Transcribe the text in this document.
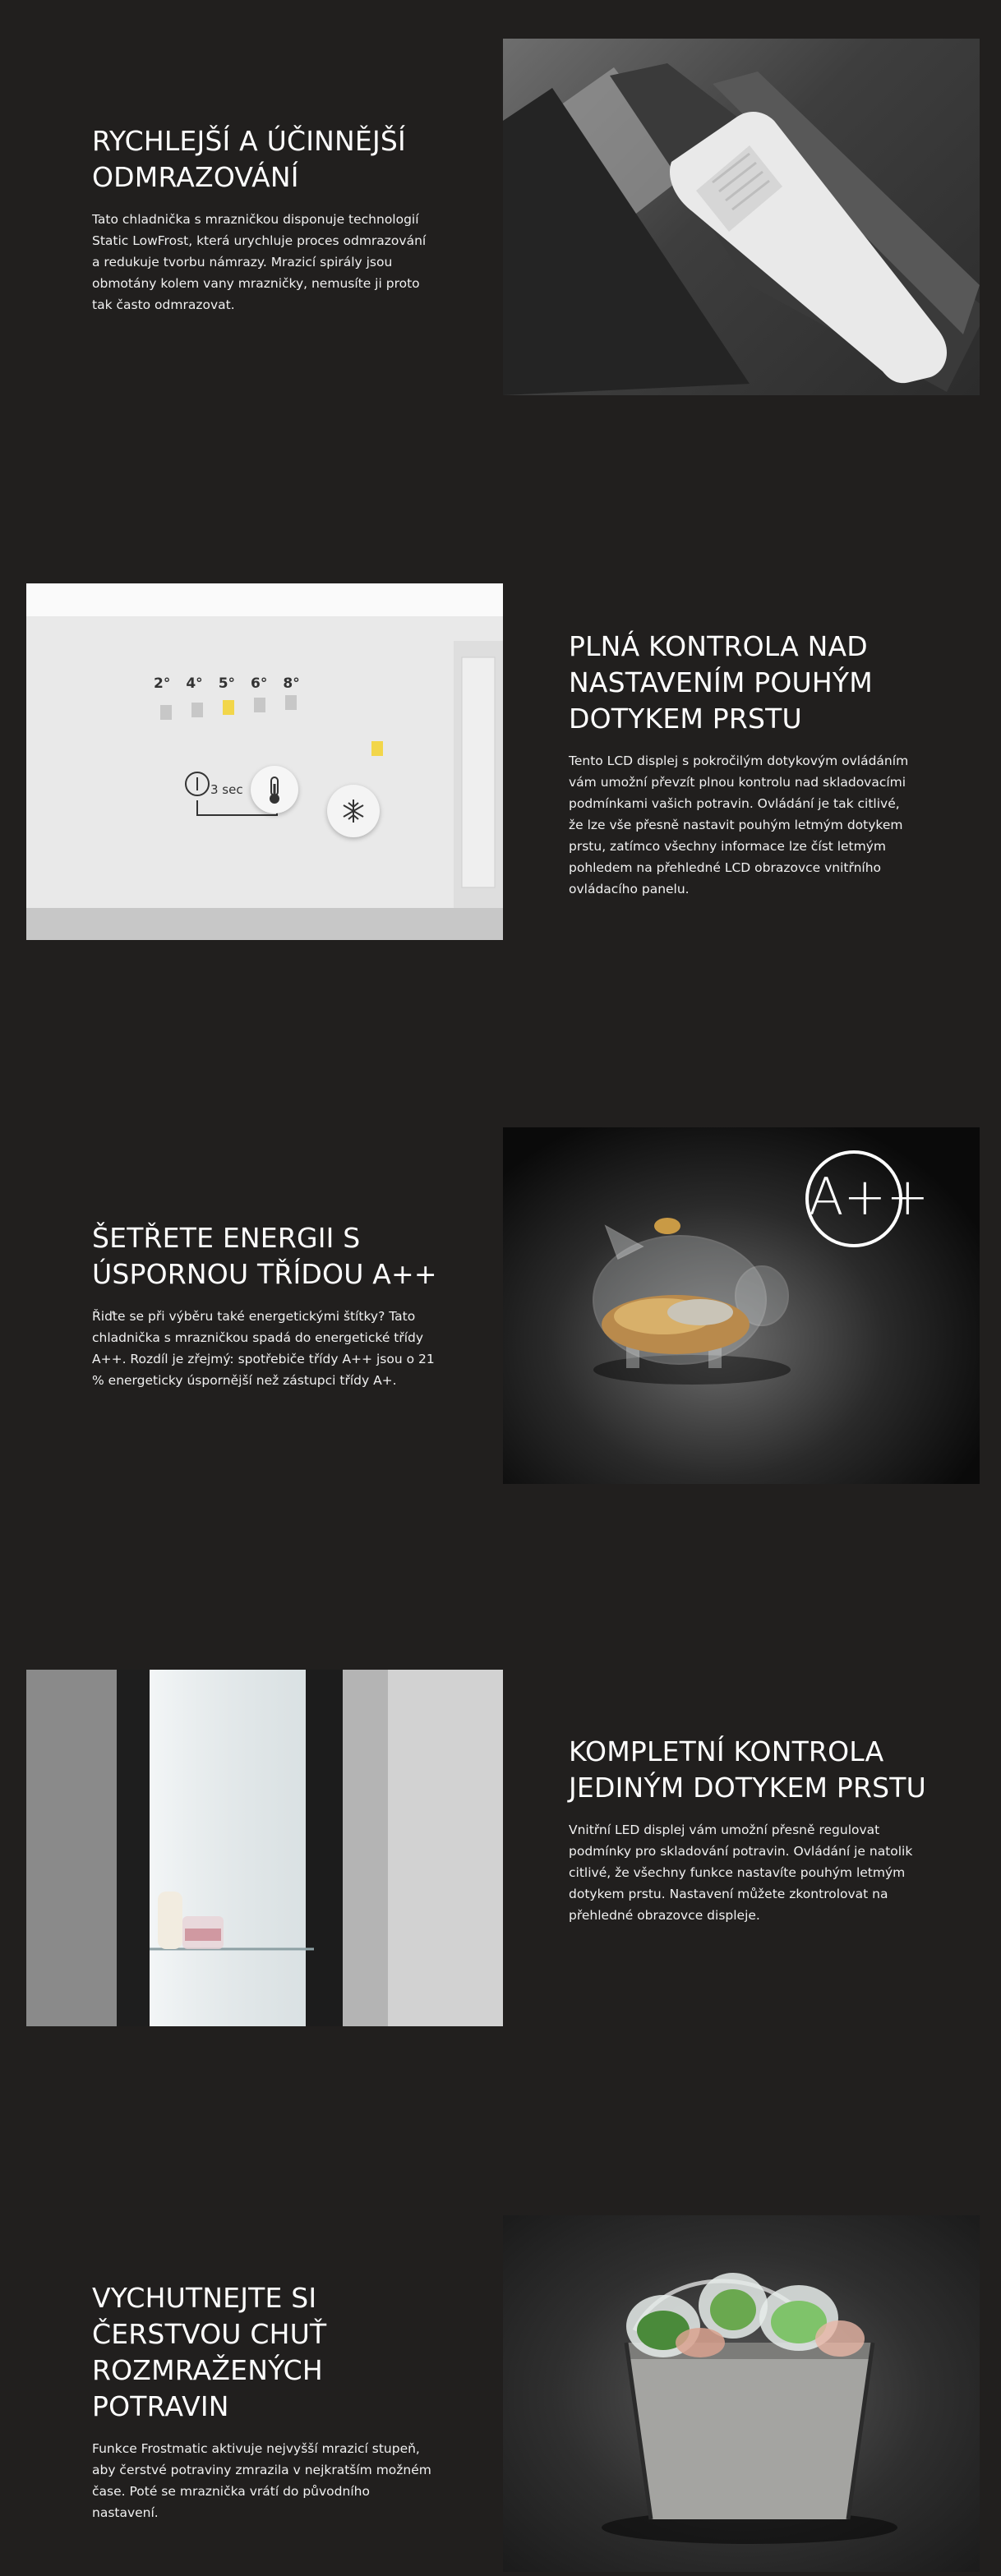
RYCHLEJŠÍ A ÚČINNĚJŠÍ ODMRAZOVÁNÍ

Tato chladnička s mrazničkou disponuje technologií Static LowFrost, která urychluje proces odmrazování a redukuje tvorbu námrazy. Mrazicí spirály jsou obmotány kolem vany mrazničky, nemusíte ji proto tak často odmrazovat.

2° 4° 5° 6° 8°
3 sec
PLNÁ KONTROLA NAD NASTAVENÍM POUHÝM DOTYKEM PRSTU

Tento LCD displej s pokročilým dotykovým ovládáním vám umožní převzít plnou kontrolu nad skladovacími podmínkami vašich potravin. Ovládání je tak citlivé, že lze vše přesně nastavit pouhým letmým dotykem prstu, zatímco všechny informace lze číst letmým pohledem na přehledné LCD obrazovce vnitřního ovládacího panelu.

ŠETŘETE ENERGII S ÚSPORNOU TŘÍDOU A++

Řiďte se při výběru také energetickými štítky? Tato chladnička s mrazničkou spadá do energetické třídy A++. Rozdíl je zřejmý: spotřebiče třídy A++ jsou o 21 % energeticky úspornější než zástupci třídy A+.

A++
KOMPLETNÍ KONTROLA JEDINÝM DOTYKEM PRSTU

Vnitřní LED displej vám umožní přesně regulovat podmínky pro skladování potravin. Ovládání je natolik citlivé, že všechny funkce nastavíte pouhým letmým dotykem prstu. Nastavení můžete zkontrolovat na přehledné obrazovce displeje.

VYCHUTNEJTE SI ČERSTVOU CHUŤ ROZMRAŽENÝCH POTRAVIN

Funkce Frostmatic aktivuje nejvyšší mrazicí stupeň, aby čerstvé potraviny zmrazila v nejkratším možném čase. Poté se mraznička vrátí do původního nastavení.
